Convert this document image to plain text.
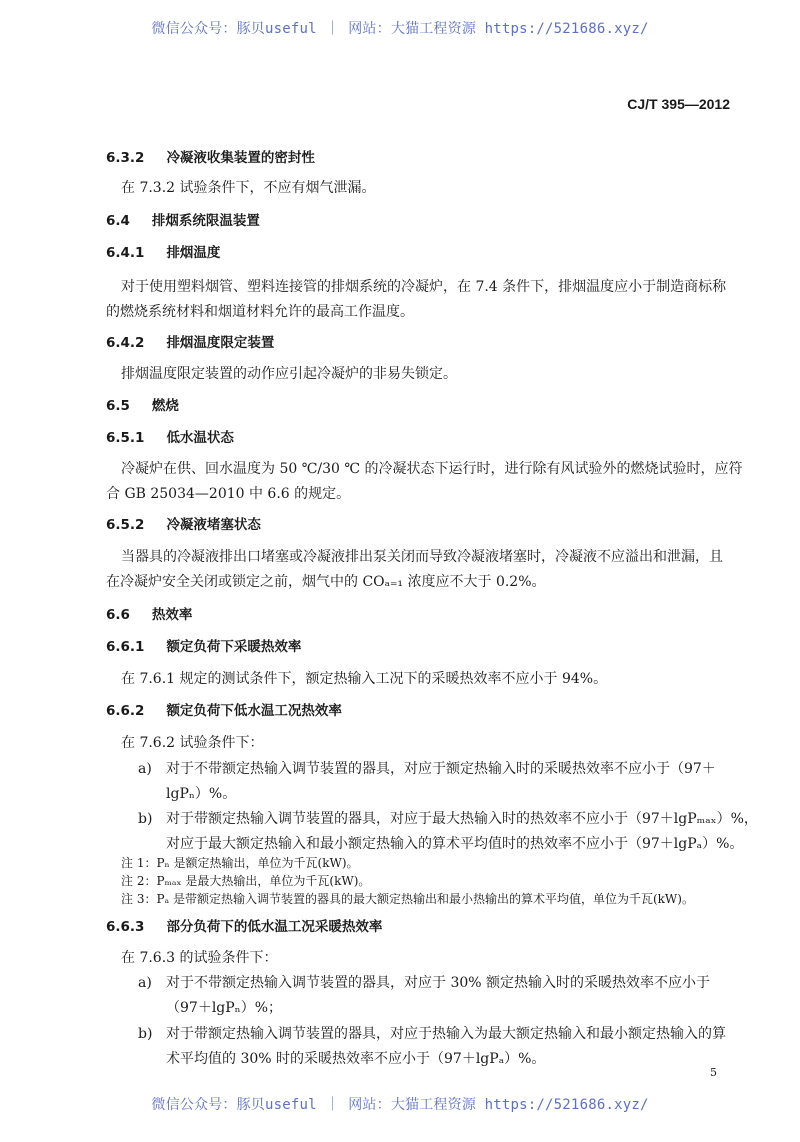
微信公众号：豚贝useful ｜ 网站：大猫工程资源 https://521686.xyz/
CJ/T 395—2012
6.3.2 冷凝液收集装置的密封性
在 7.3.2 试验条件下，不应有烟气泄漏。
6.4 排烟系统限温装置
6.4.1 排烟温度
对于使用塑料烟管、塑料连接管的排烟系统的冷凝炉，在 7.4 条件下，排烟温度应小于制造商标称
的燃烧系统材料和烟道材料允许的最高工作温度。
6.4.2 排烟温度限定装置
排烟温度限定装置的动作应引起冷凝炉的非易失锁定。
6.5 燃烧
6.5.1 低水温状态
冷凝炉在供、回水温度为 50 ℃/30 ℃ 的冷凝状态下运行时，进行除有风试验外的燃烧试验时，应符
合 GB 25034—2010 中 6.6 的规定。
6.5.2 冷凝液堵塞状态
当器具的冷凝液排出口堵塞或冷凝液排出泵关闭而导致冷凝液堵塞时，冷凝液不应溢出和泄漏，且
在冷凝炉安全关闭或锁定之前，烟气中的 COₐ₌₁ 浓度应不大于 0.2%。
6.6 热效率
6.6.1 额定负荷下采暖热效率
在 7.6.1 规定的测试条件下，额定热输入工况下的采暖热效率不应小于 94%。
6.6.2 额定负荷下低水温工况热效率
在 7.6.2 试验条件下：
a) 对于不带额定热输入调节装置的器具，对应于额定热输入时的采暖热效率不应小于（97＋
lgPₙ）%。
b) 对于带额定热输入调节装置的器具，对应于最大热输入时的热效率不应小于（97＋lgPₘₐₓ）%，
对应于最大额定热输入和最小额定热输入的算术平均值时的热效率不应小于（97＋lgPₐ）%。
注 1：Pₙ 是额定热输出，单位为千瓦(kW)。
注 2：Pₘₐₓ 是最大热输出，单位为千瓦(kW)。
注 3：Pₐ 是带额定热输入调节装置的器具的最大额定热输出和最小热输出的算术平均值，单位为千瓦(kW)。
6.6.3 部分负荷下的低水温工况采暖热效率
在 7.6.3 的试验条件下：
a) 对于不带额定热输入调节装置的器具，对应于 30% 额定热输入时的采暖热效率不应小于
（97＋lgPₙ）%；
b) 对于带额定热输入调节装置的器具，对应于热输入为最大额定热输入和最小额定热输入的算
术平均值的 30% 时的采暖热效率不应小于（97＋lgPₐ）%。
5
微信公众号：豚贝useful ｜ 网站：大猫工程资源 https://521686.xyz/
